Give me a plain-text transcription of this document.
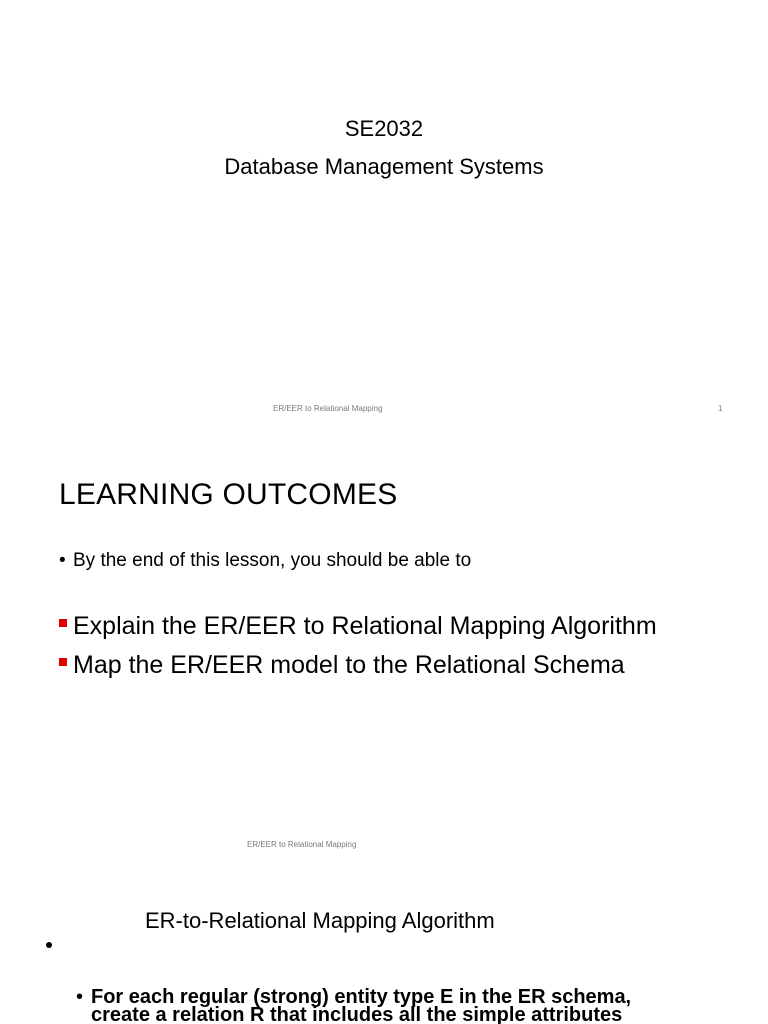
SE2032
Database Management Systems
ER/EER to Relational Mapping	1
LEARNING OUTCOMES
• By the end of this lesson, you should be able to
Explain the ER/EER to Relational Mapping Algorithm
Map the ER/EER model to the Relational Schema
ER/EER to Relational Mapping
ER-to-Relational Mapping Algorithm
• For each regular (strong) entity type E in the ER schema,
create a relation R that includes all the simple attributes
